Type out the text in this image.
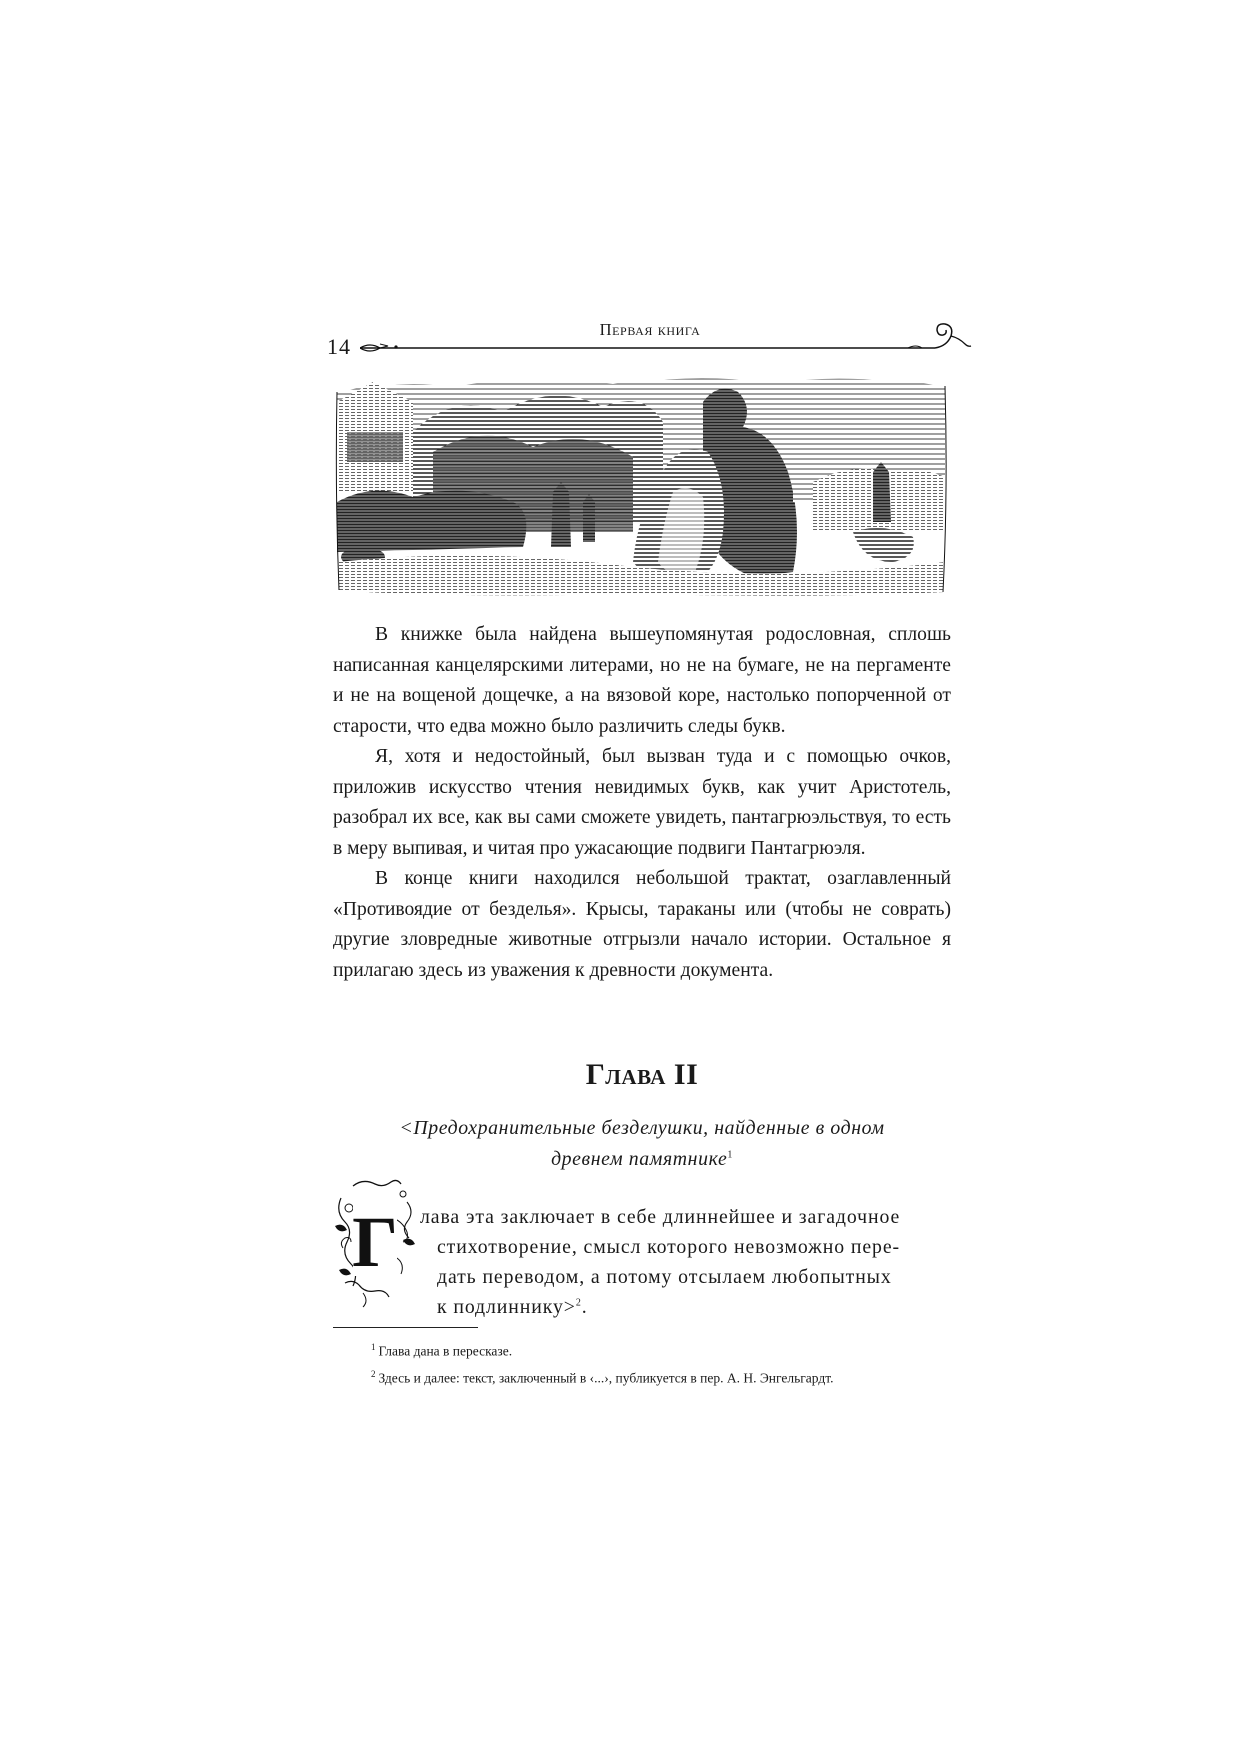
14
Первая книга

В книжке была найдена вышеупомянутая родословная, сплошь написанная канцелярскими литерами, но не на бумаге, не на пергаменте и не на вощеной дощечке, а на вязовой коре, настолько попорченной от старости, что едва можно было различить следы букв.

Я, хотя и недостойный, был вызван туда и с помощью очков, приложив искусство чтения невидимых букв, как учит Аристотель, разобрал их все, как вы сами сможете увидеть, пантагрюэльствуя, то есть в меру выпивая, и читая про ужасающие подвиги Пантагрюэля.

В конце книги находился небольшой трактат, озаглавленный «Противоядие от безделья». Крысы, тараканы или (чтобы не соврать) другие зловредные животные отгрызли начало истории. Остальное я прилагаю здесь из уважения к древности документа.

Глава II
<Предохранительные безделушки, найденные в одном
древнем памятнике$^1$
Г лава эта заключает в себе длиннейшее и загадочное
стихотворение, смысл которого невозможно пере-
дать переводом, а потому отсылаем любопытных
к подлиннику>$^2$.
$^1$ Глава дана в пересказе.
$^2$ Здесь и далее: текст, заключенный в ‹...›, публикуется в пер. А. Н. Энгельгардт.
